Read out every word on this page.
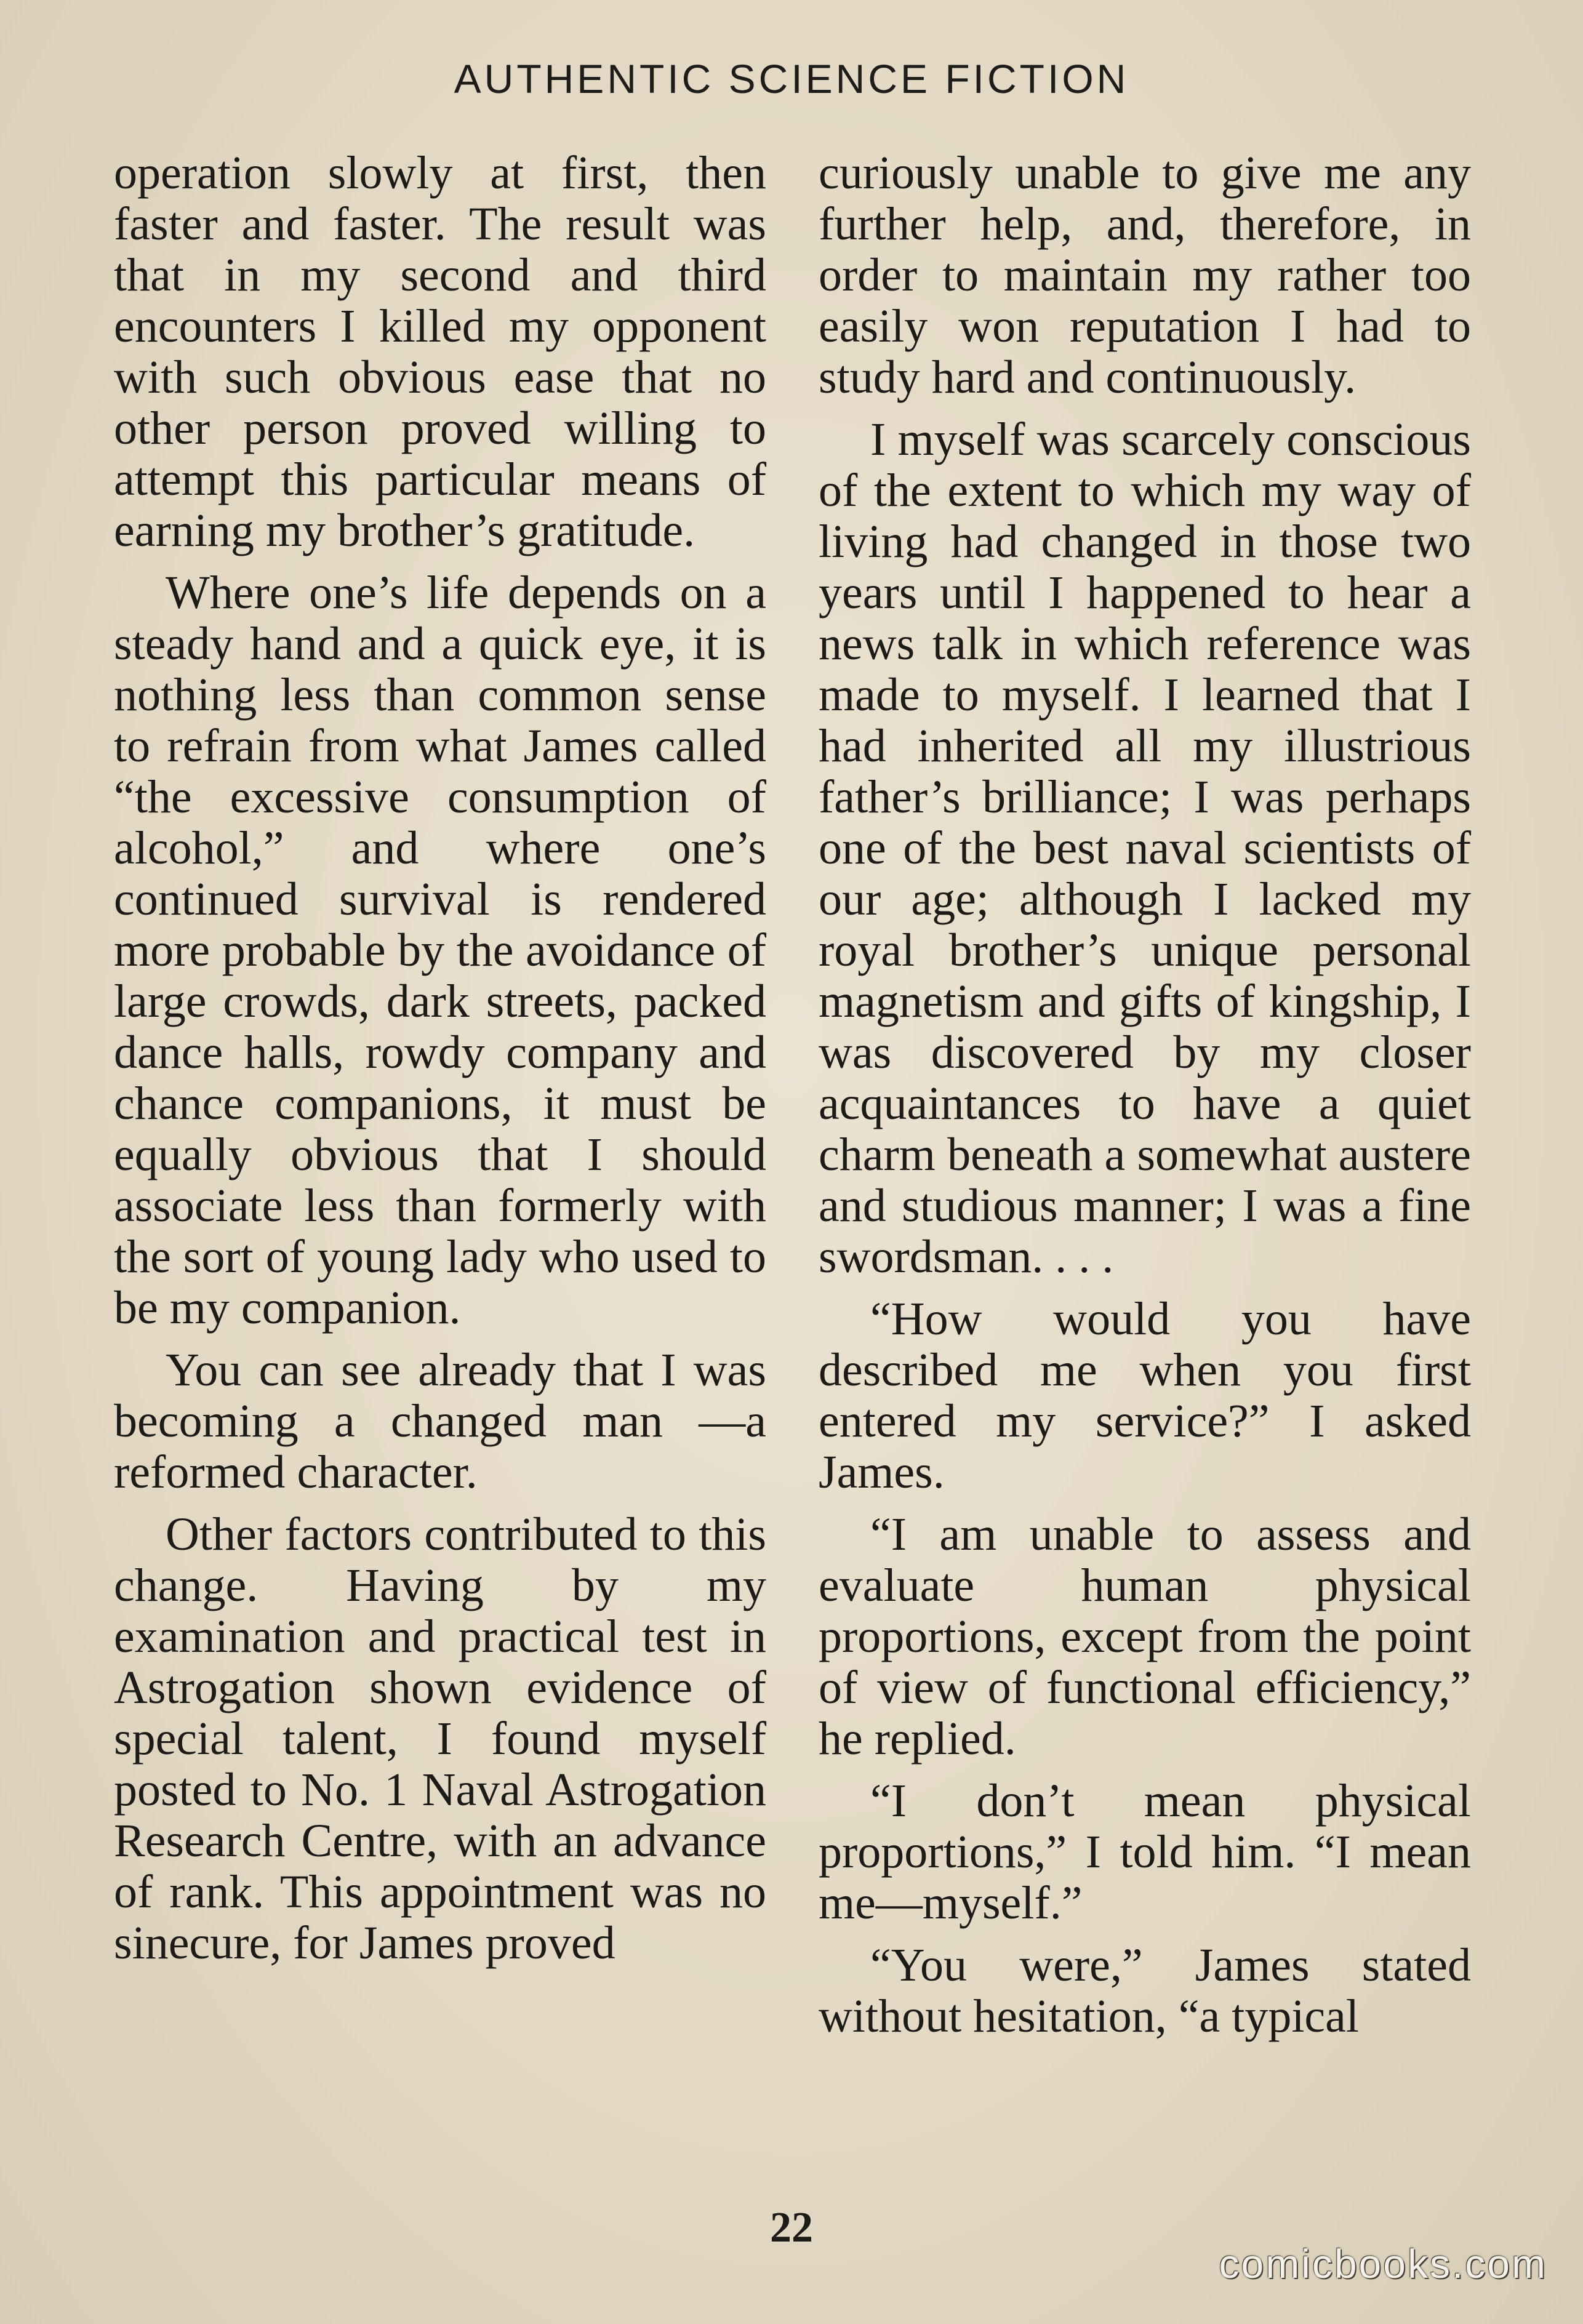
AUTHENTIC SCIENCE FICTION

operation slowly at first, then faster and faster. The result was that in my second and third encounters I killed my opponent with such obvious ease that no other person proved willing to attempt this particular means of earning my brother’s gratitude.

Where one’s life depends on a steady hand and a quick eye, it is nothing less than common sense to refrain from what James called “the excessive consumption of alcohol,” and where one’s continued survival is rendered more probable by the avoidance of large crowds, dark streets, packed dance halls, rowdy company and chance companions, it must be equally obvious that I should associate less than formerly with the sort of young lady who used to be my companion.

You can see already that I was becoming a changed man —a reformed character.

Other factors contributed to this change. Having by my examination and practical test in Astrogation shown evidence of special talent, I found myself posted to No. 1 Naval Astrogation Research Centre, with an advance of rank. This appointment was no sinecure, for James proved

curiously unable to give me any further help, and, therefore, in order to maintain my rather too easily won reputation I had to study hard and continuously.

I myself was scarcely conscious of the extent to which my way of living had changed in those two years until I happened to hear a news talk in which reference was made to myself. I learned that I had inherited all my illustrious father’s brilliance; I was perhaps one of the best naval scientists of our age; although I lacked my royal brother’s unique personal magnetism and gifts of kingship, I was discovered by my closer acquaintances to have a quiet charm beneath a somewhat austere and studious manner; I was a fine swordsman. . . .

“How would you have described me when you first entered my service?” I asked James.

“I am unable to assess and evaluate human physical proportions, except from the point of view of functional efficiency,” he replied.

“I don’t mean physical proportions,” I told him. “I mean me—myself.”

“You were,” James stated without hesitation, “a typical

22
comicbooks.com
